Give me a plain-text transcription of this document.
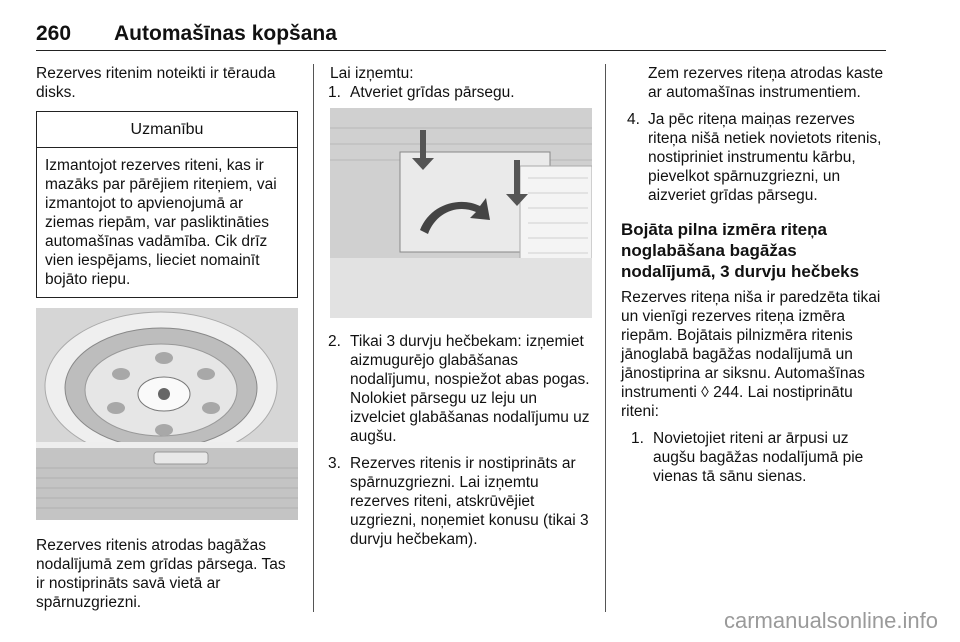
260 Automašīnas kopšana

Rezerves ritenim noteikti ir tērauda disks.

Uzmanību
Izmantojot rezerves riteni, kas ir mazāks par pārējiem riteņiem, vai izmantojot to apvienojumā ar ziemas riepām, var pasliktināties automašīnas vadāmība. Cik drīz vien iespējams, lieciet nomainīt bojāto riepu.

Rezerves ritenis atrodas bagāžas nodalījumā zem grīdas pārsega. Tas ir nostiprināts savā vietā ar spārnuzgriezni.

Lai izņemtu:

1. Atveriet grīdas pārsegu.
2. Tikai 3 durvju hečbekam: izņemiet aizmugurējo glabāšanas nodalījumu, nospiežot abas pogas. Nolokiet pārsegu uz leju un izvelciet glabāšanas nodalījumu uz augšu.
3. Rezerves ritenis ir nostiprināts ar spārnuzgriezni. Lai izņemtu rezerves riteni, atskrūvējiet uzgriezni, noņemiet konusu (tikai 3 durvju hečbekam).

Zem rezerves riteņa atrodas kaste ar automašīnas instrumentiem.

4. Ja pēc riteņa maiņas rezerves riteņa nišā netiek novietots ritenis, nostipriniet instrumentu kārbu, pievelkot spārnuzgriezni, un aizveriet grīdas pārsegu.

Bojāta pilna izmēra riteņa noglabāšana bagāžas nodalījumā, 3 durvju hečbeks

Rezerves riteņa niša ir paredzēta tikai un vienīgi rezerves riteņa izmēra riepām. Bojātais pilnizmēra ritenis jānoglabā bagāžas nodalījumā un jānostiprina ar siksnu. Automašīnas instrumenti ◊ 244. Lai nostiprinātu riteni:

1. Novietojiet riteni ar ārpusi uz augšu bagāžas nodalījumā pie vienas tā sānu sienas.
carmanualsonline.info
